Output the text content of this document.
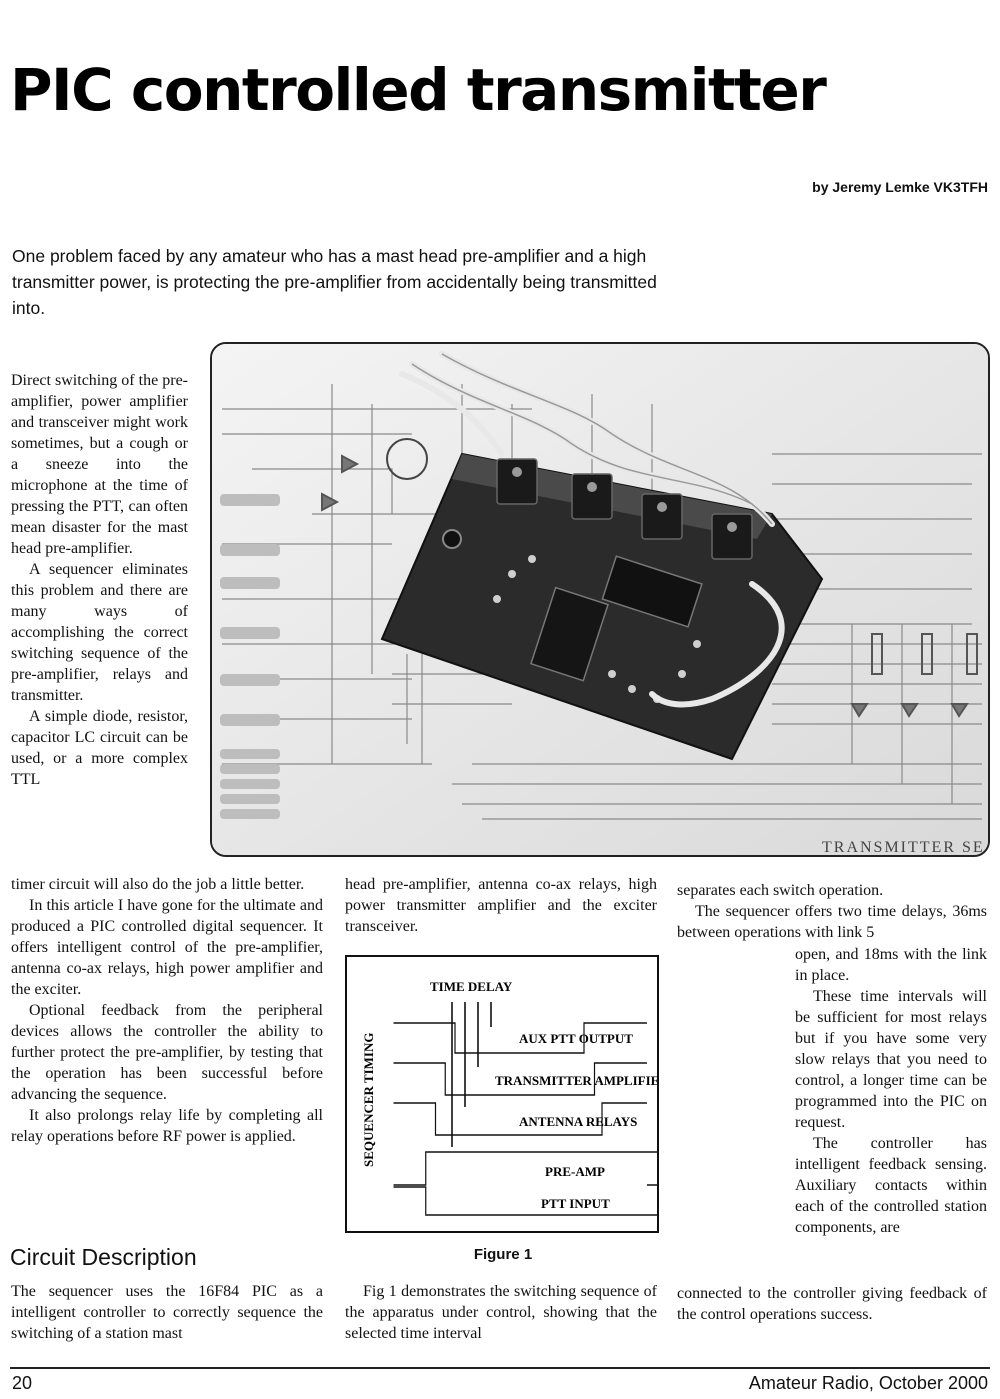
PIC controlled transmitter
by Jeremy Lemke VK3TFH

One problem faced by any amateur who has a mast head pre-amplifier and a high transmitter power, is protecting the pre-amplifier from accidentally being transmitted into.

TRANSMITTER SE

Direct switching of the pre-amplifier, power amplifier and transceiver might work sometimes, but a cough or a sneeze into the microphone at the time of pressing the PTT, can often mean disaster for the mast head pre-amplifier.

A sequencer eliminates this problem and there are many ways of accomplishing the correct switching sequence of the pre-amplifier, relays and transmitter.

A simple diode, resistor, capacitor LC circuit can be used, or a more complex TTL

timer circuit will also do the job a little better.

In this article I have gone for the ultimate and produced a PIC controlled digital sequencer. It offers intelligent control of the pre-amplifier, antenna co-ax relays, high power amplifier and the exciter.

Optional feedback from the peripheral devices allows the controller the ability to further protect the pre-amplifier, by testing that the operation has been successful before advancing the sequence.

It also prolongs relay life by completing all relay operations before RF power is applied.

Circuit Description

The sequencer uses the 16F84 PIC as a intelligent controller to correctly sequence the switching of a station mast

head pre-amplifier, antenna co-ax relays, high power transmitter amplifier and the exciter transceiver.

TIME DELAY
SEQUENCER TIMING	AUX PTT OUTPUT
TRANSMITTER AMPLIFIER
ANTENNA RELAYS
PRE-AMP
PTT INPUT
Figure 1

Fig 1 demonstrates the switching sequence of the apparatus under control, showing that the selected time interval

separates each switch operation.

The sequencer offers two time delays, 36ms between operations with link 5

open, and 18ms with the link in place.

These time intervals will be sufficient for most relays but if you have some very slow relays that you need to control, a longer time can be programmed into the PIC on request.

The controller has intelligent feedback sensing. Auxiliary contacts within each of the controlled station components, are

connected to the controller giving feedback of the control operations success.

20	Amateur Radio, October 2000
